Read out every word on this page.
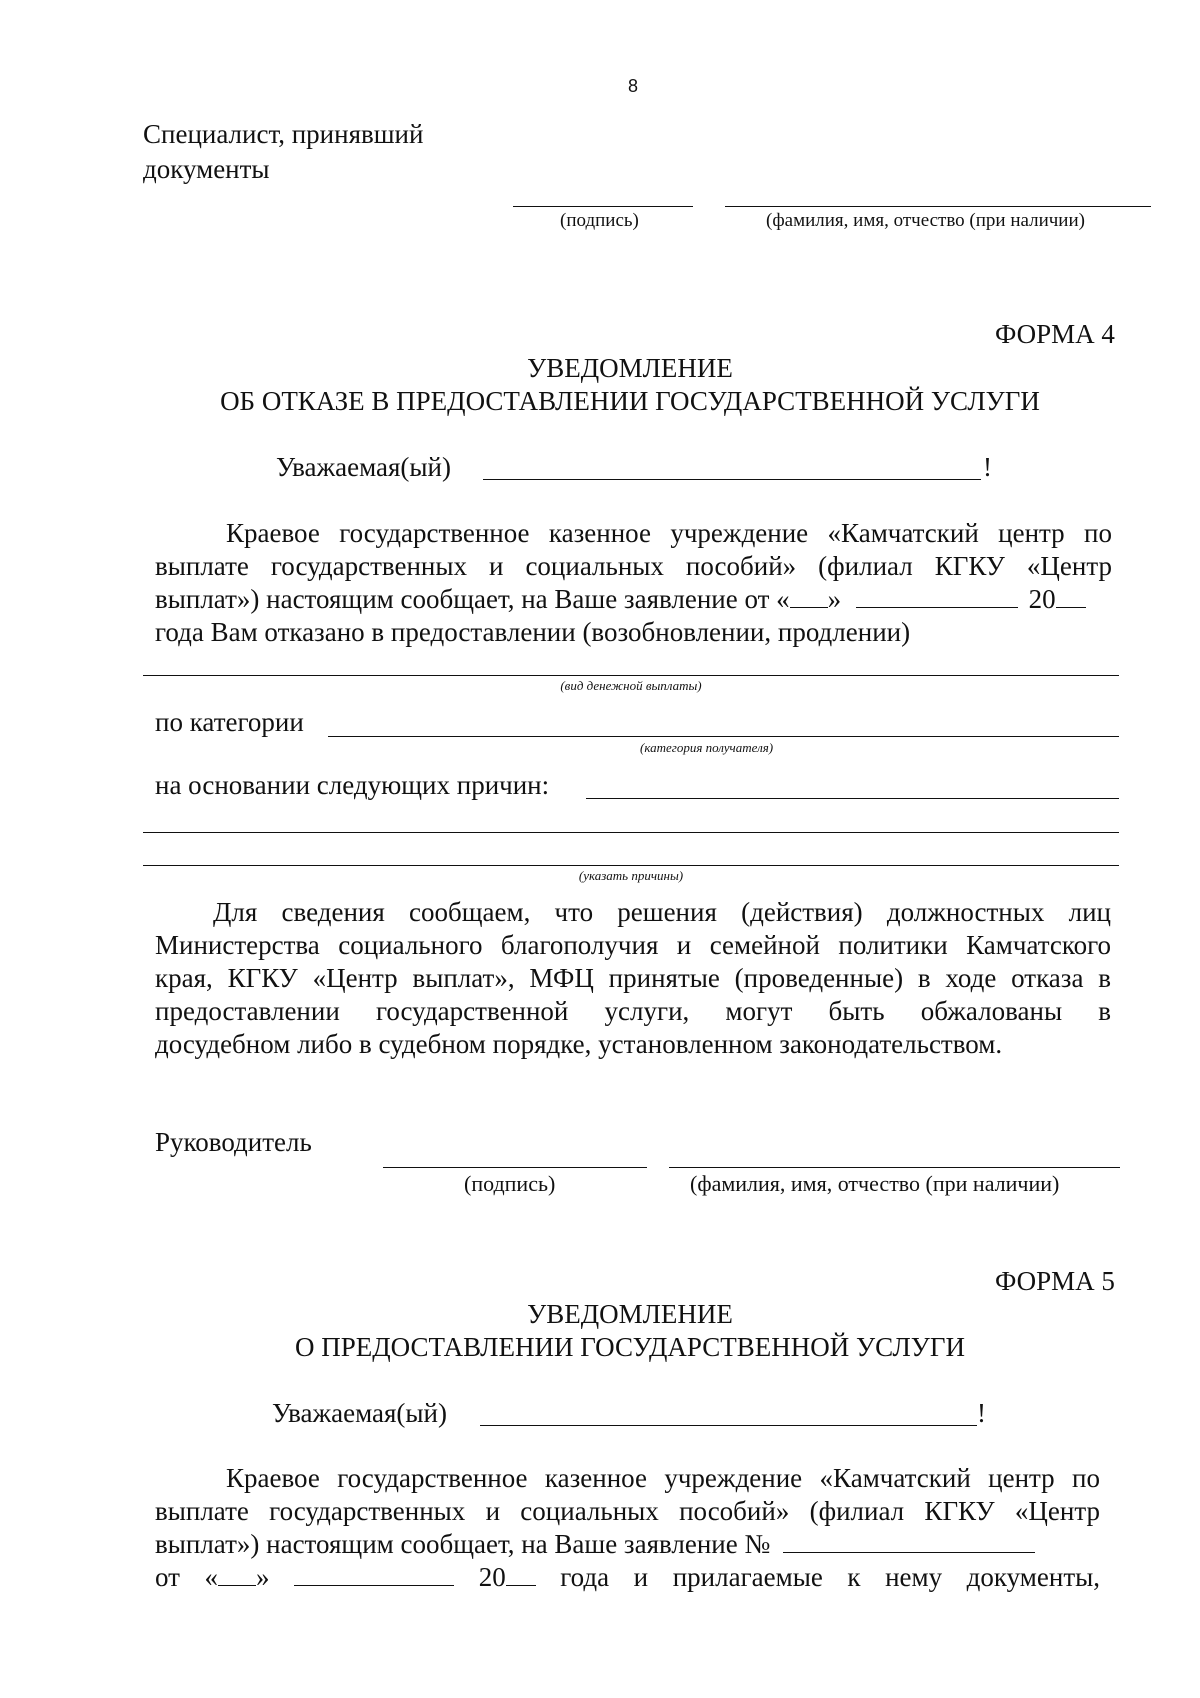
8
Специалист, принявший
документы
(подпись)	(фамилия, имя, отчество (при наличии)
ФОРМА 4
УВЕДОМЛЕНИЕ
ОБ ОТКАЗЕ В ПРЕДОСТАВЛЕНИИ ГОСУДАРСТВЕННОЙ УСЛУГИ
Уважаемая(ый)	!
Краевое государственное казенное учреждение «Камчатский центр по
выплате государственных и социальных пособий» (филиал КГКУ «Центр
выплат») настоящим сообщает, на Ваше заявление от « »	20
года Вам отказано в предоставлении (возобновлении, продлении)
(вид денежной выплаты)
по категории
(категория получателя)
на основании следующих причин:
(указать причины)
Для сведения сообщаем, что решения (действия) должностных лиц
Министерства социального благополучия и семейной политики Камчатского
края, КГКУ «Центр выплат», МФЦ принятые (проведенные) в ходе отказа в
предоставлении государственной услуги, могут быть обжалованы в
досудебном либо в судебном порядке, установленном законодательством.
Руководитель
(подпись)	(фамилия, имя, отчество (при наличии)
ФОРМА 5
УВЕДОМЛЕНИЕ
О ПРЕДОСТАВЛЕНИИ ГОСУДАРСТВЕННОЙ УСЛУГИ
Уважаемая(ый)	!
Краевое государственное казенное учреждение «Камчатский центр по
выплате государственных и социальных пособий» (филиал КГКУ «Центр
выплат») настоящим сообщает, на Ваше заявление №
от « »	20 года и прилагаемые к нему документы,
